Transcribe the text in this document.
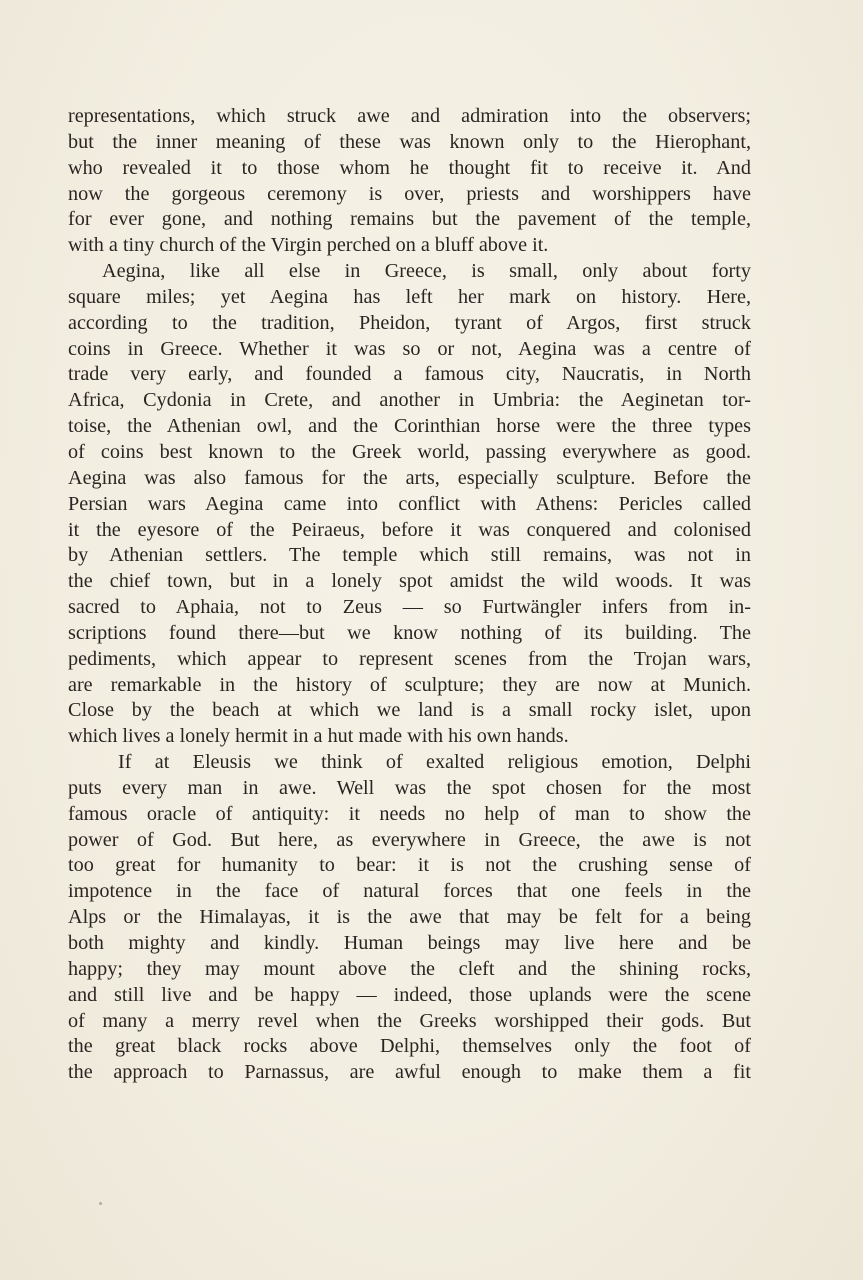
representations, which struck awe and admiration into the observers;
but the inner meaning of these was known only to the Hierophant,
who revealed it to those whom he thought fit to receive it. And
now the gorgeous ceremony is over, priests and worshippers have
for ever gone, and nothing remains but the pavement of the temple,
with a tiny church of the Virgin perched on a bluff above it.
Aegina, like all else in Greece, is small, only about forty
square miles; yet Aegina has left her mark on history. Here,
according to the tradition, Pheidon, tyrant of Argos, first struck
coins in Greece. Whether it was so or not, Aegina was a centre of
trade very early, and founded a famous city, Naucratis, in North
Africa, Cydonia in Crete, and another in Umbria: the Aeginetan tor-
toise, the Athenian owl, and the Corinthian horse were the three types
of coins best known to the Greek world, passing everywhere as good.
Aegina was also famous for the arts, especially sculpture. Before the
Persian wars Aegina came into conflict with Athens: Pericles called
it the eyesore of the Peiraeus, before it was conquered and colonised
by Athenian settlers. The temple which still remains, was not in
the chief town, but in a lonely spot amidst the wild woods. It was
sacred to Aphaia, not to Zeus — so Furtwängler infers from in-
scriptions found there—but we know nothing of its building. The
pediments, which appear to represent scenes from the Trojan wars,
are remarkable in the history of sculpture; they are now at Munich.
Close by the beach at which we land is a small rocky islet, upon
which lives a lonely hermit in a hut made with his own hands.
If at Eleusis we think of exalted religious emotion, Delphi
puts every man in awe. Well was the spot chosen for the most
famous oracle of antiquity: it needs no help of man to show the
power of God. But here, as everywhere in Greece, the awe is not
too great for humanity to bear: it is not the crushing sense of
impotence in the face of natural forces that one feels in the
Alps or the Himalayas, it is the awe that may be felt for a being
both mighty and kindly. Human beings may live here and be
happy; they may mount above the cleft and the shining rocks,
and still live and be happy — indeed, those uplands were the scene
of many a merry revel when the Greeks worshipped their gods. But
the great black rocks above Delphi, themselves only the foot of
the approach to Parnassus, are awful enough to make them a fit
